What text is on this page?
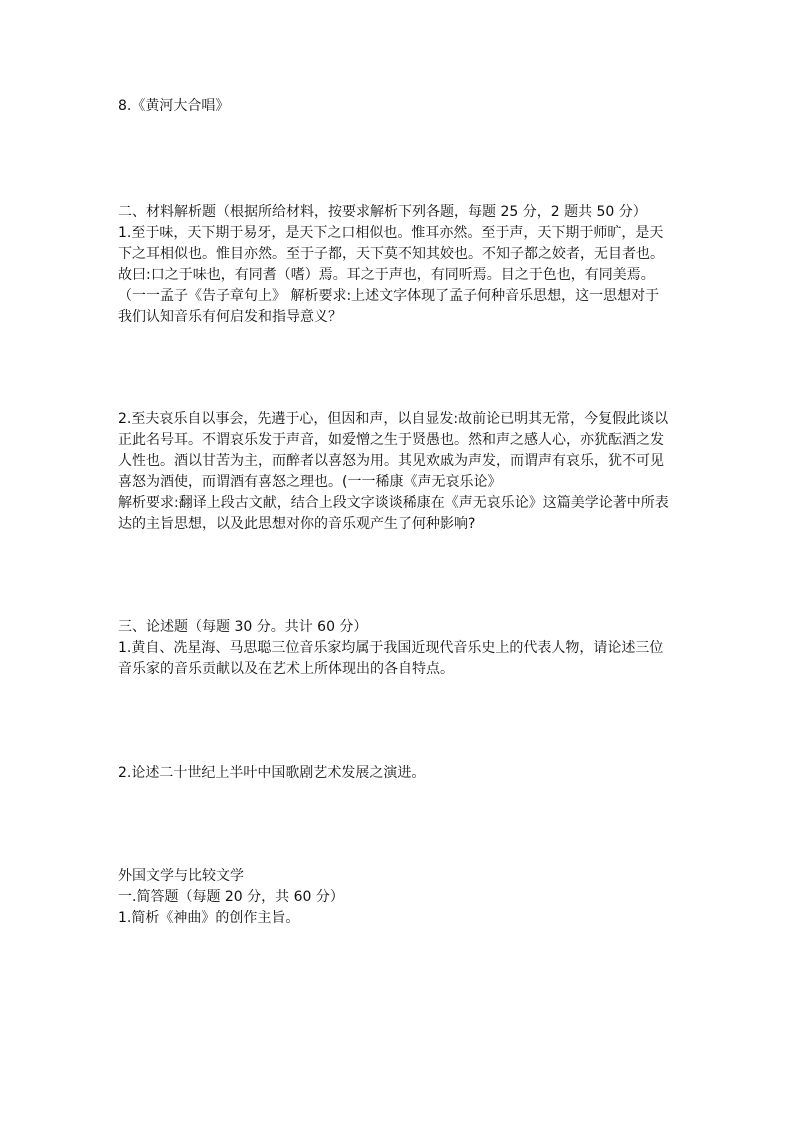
8.《黄河大合唱》
二、材料解析题（根据所给材料，按要求解析下列各题，每题 25 分，2 题共 50 分）
1.至于味，天下期于易牙，是天下之口相似也。惟耳亦然。至于声，天下期于师旷，是天
下之耳相似也。惟目亦然。至于子都，天下莫不知其姣也。不知子都之姣者，无目者也。
故曰:口之于味也，有同耆（嗜）焉。耳之于声也，有同听焉。目之于色也，有同美焉。
（一一孟子《告子章句上》 解析要求:上述文字体现了孟子何种音乐思想，这一思想对于
我们认知音乐有何启发和指导意义？
2.至夫哀乐自以事会，先遘于心，但因和声，以自显发:故前论已明其无常，今复假此谈以
正此名号耳。不谓哀乐发于声音，如爱憎之生于贤愚也。然和声之感人心，亦犹酝酒之发
人性也。酒以甘苦为主，而醉者以喜怒为用。其见欢戚为声发，而谓声有哀乐，犹不可见
喜怒为酒使，而谓酒有喜怒之理也。(一一稀康《声无哀乐论》
解析要求:翻译上段古文献，结合上段文字谈谈稀康在《声无哀乐论》这篇美学论著中所表
达的主旨思想，以及此思想对你的音乐观产生了何种影响?
三、论述题（每题 30 分。共计 60 分）
1.黄自、冼星海、马思聪三位音乐家均属于我国近现代音乐史上的代表人物，请论述三位
音乐家的音乐贡献以及在艺术上所体现出的各自特点。
2.论述二十世纪上半叶中国歌剧艺术发展之演进。
外国文学与比较文学
一.简答题（每题 20 分，共 60 分）
1.简析《神曲》的创作主旨。
